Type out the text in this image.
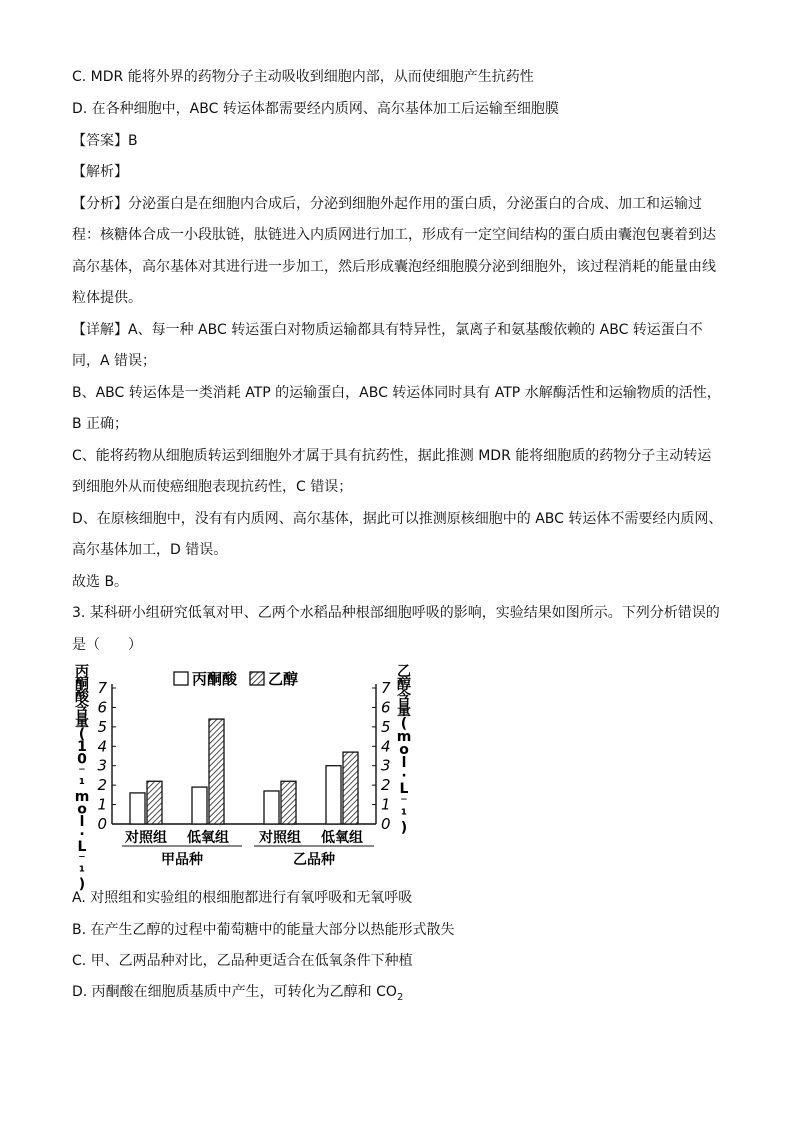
C. MDR 能将外界的药物分子主动吸收到细胞内部，从而使细胞产生抗药性
D. 在各种细胞中，ABC 转运体都需要经内质网、高尔基体加工后运输至细胞膜
【答案】B
【解析】
【分析】分泌蛋白是在细胞内合成后，分泌到细胞外起作用的蛋白质，分泌蛋白的合成、加工和运输过
程：核糖体合成一小段肽链，肽链进入内质网进行加工，形成有一定空间结构的蛋白质由囊泡包裹着到达
高尔基体，高尔基体对其进行进一步加工，然后形成囊泡经细胞膜分泌到细胞外，该过程消耗的能量由线
粒体提供。
【详解】A、每一种 ABC 转运蛋白对物质运输都具有特异性，氯离子和氨基酸依赖的 ABC 转运蛋白不
同，A 错误；
B、ABC 转运体是一类消耗 ATP 的运输蛋白，ABC 转运体同时具有 ATP 水解酶活性和运输物质的活性，
B 正确；
C、能将药物从细胞质转运到细胞外才属于具有抗药性，据此推测 MDR 能将细胞质的药物分子主动转运
到细胞外从而使癌细胞表现抗药性，C 错误；
D、在原核细胞中，没有有内质网、高尔基体，据此可以推测原核细胞中的 ABC 转运体不需要经内质网、
高尔基体加工，D 错误。
故选 B。
3. 某科研小组研究低氧对甲、乙两个水稻品种根部细胞呼吸的影响，实验结果如图所示。下列分析错误的
是（　　）
0	0
1	1
2	2
3	3
4	4
5	5
6	6
7	7
对照组 低氧组 对照组 低氧组
甲品种	乙品种
丙酮酸 乙醇
丙酮酸含量( 1 0 ⁻ ¹ m o l · L ⁻ ¹ )
乙醇含量( m o l · L ⁻ ¹ )
A. 对照组和实验组的根细胞都进行有氧呼吸和无氧呼吸
B. 在产生乙醇的过程中葡萄糖中的能量大部分以热能形式散失
C. 甲、乙两品种对比，乙品种更适合在低氧条件下种植
D. 丙酮酸在细胞质基质中产生，可转化为乙醇和 $CO_2$
